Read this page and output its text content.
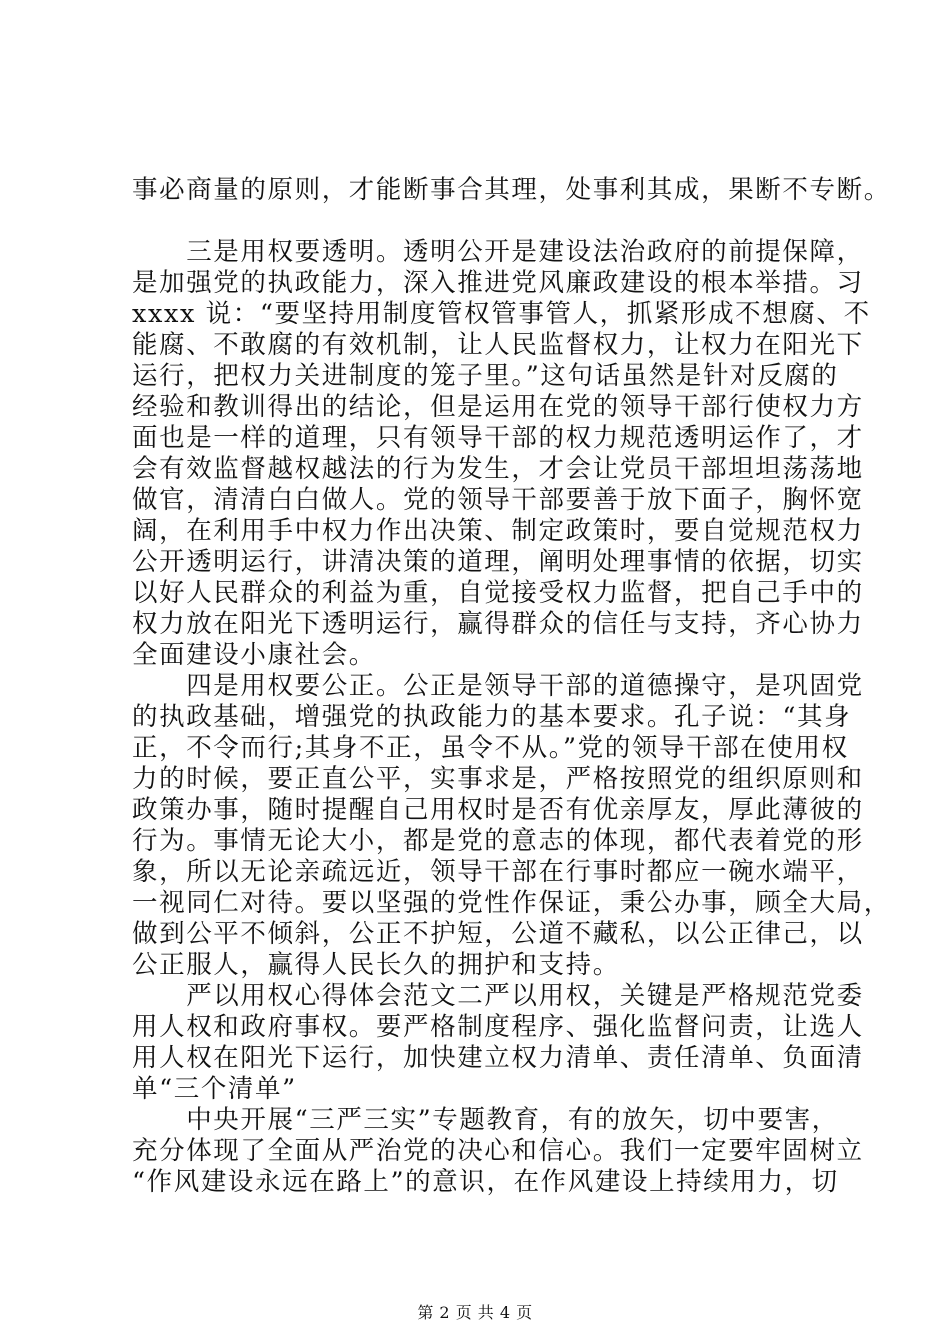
事必商量的原则，才能断事合其理，处事利其成，果断不专断。
　　三是用权要透明。透明公开是建设法治政府的前提保障，
是加强党的执政能力，深入推进党风廉政建设的根本举措。习
xxxx 说：“要坚持用制度管权管事管人，抓紧形成不想腐、不
能腐、不敢腐的有效机制，让人民监督权力，让权力在阳光下
运行，把权力关进制度的笼子里。”这句话虽然是针对反腐的
经验和教训得出的结论，但是运用在党的领导干部行使权力方
面也是一样的道理，只有领导干部的权力规范透明运作了，才
会有效监督越权越法的行为发生，才会让党员干部坦坦荡荡地
做官，清清白白做人。党的领导干部要善于放下面子，胸怀宽
阔，在利用手中权力作出决策、制定政策时，要自觉规范权力
公开透明运行，讲清决策的道理，阐明处理事情的依据，切实
以好人民群众的利益为重，自觉接受权力监督，把自己手中的
权力放在阳光下透明运行，赢得群众的信任与支持，齐心协力
全面建设小康社会。
　　四是用权要公正。公正是领导干部的道德操守，是巩固党
的执政基础，增强党的执政能力的基本要求。孔子说：“其身
正，不令而行;其身不正，虽令不从。”党的领导干部在使用权
力的时候，要正直公平，实事求是，严格按照党的组织原则和
政策办事，随时提醒自己用权时是否有优亲厚友，厚此薄彼的
行为。事情无论大小，都是党的意志的体现，都代表着党的形
象，所以无论亲疏远近，领导干部在行事时都应一碗水端平，
一视同仁对待。要以坚强的党性作保证，秉公办事，顾全大局，
做到公平不倾斜，公正不护短，公道不藏私，以公正律己，以
公正服人，赢得人民长久的拥护和支持。
　　严以用权心得体会范文二严以用权，关键是严格规范党委
用人权和政府事权。要严格制度程序、强化监督问责，让选人
用人权在阳光下运行，加快建立权力清单、责任清单、负面清
单“三个清单”
　　中央开展“三严三实”专题教育，有的放矢，切中要害，
充分体现了全面从严治党的决心和信心。我们一定要牢固树立
“作风建设永远在路上”的意识，在作风建设上持续用力，切
第 2 页 共 4 页
